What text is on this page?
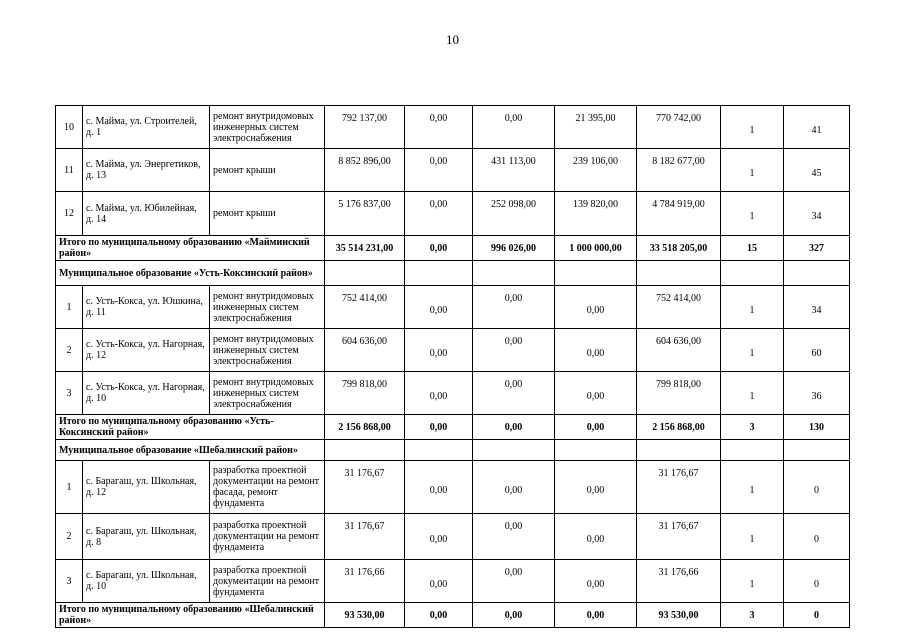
10
10	с. Майма, ул. Строителей, д. 1	ремонт внутридомовых инженерных систем электроснабжения	792 137,00	0,00	0,00	21 395,00	770 742,00	1	41
11	с. Майма, ул. Энергетиков, д. 13	ремонт крыши	8 852 896,00	0,00	431 113,00	239 106,00	8 182 677,00	1	45
12	с. Майма, ул. Юбилейная, д. 14	ремонт крыши	5 176 837,00	0,00	252 098,00	139 820,00	4 784 919,00	1	34
Итого по муниципальному образованию «Майминский район»			35 514 231,00	0,00	996 026,00	1 000 000,00	33 518 205,00	15	327
Муниципальное образование «Усть-Коксинский район»									
1	с. Усть-Кокса, ул. Юшкина, д. 11	ремонт внутридомовых инженерных систем электроснабжения	752 414,00	0,00	0,00	0,00	752 414,00	1	34
2	с. Усть-Кокса, ул. Нагорная, д. 12	ремонт внутридомовых инженерных систем электроснабжения	604 636,00	0,00	0,00	0,00	604 636,00	1	60
3	с. Усть-Кокса, ул. Нагорная, д. 10	ремонт внутридомовых инженерных систем электроснабжения	799 818,00	0,00	0,00	0,00	799 818,00	1	36
Итого по муниципальному образованию «Усть-Коксинский район»			2 156 868,00	0,00	0,00	0,00	2 156 868,00	3	130
Муниципальное образование «Шебалинский район»									
1	с. Барагаш, ул. Школьная, д. 12	разработка проектной документации на ремонт фасада, ремонт фундамента	31 176,67	0,00	0,00	0,00	31 176,67	1	0
2	с. Барагаш, ул. Школьная, д. 8	разработка проектной документации на ремонт фундамента	31 176,67	0,00	0,00	0,00	31 176,67	1	0
3	с. Барагаш, ул. Школьная, д. 10	разработка проектной документации на ремонт фундамента	31 176,66	0,00	0,00	0,00	31 176,66	1	0
Итого по муниципальному образованию «Шебалинский район»			93 530,00	0,00	0,00	0,00	93 530,00	3	0
